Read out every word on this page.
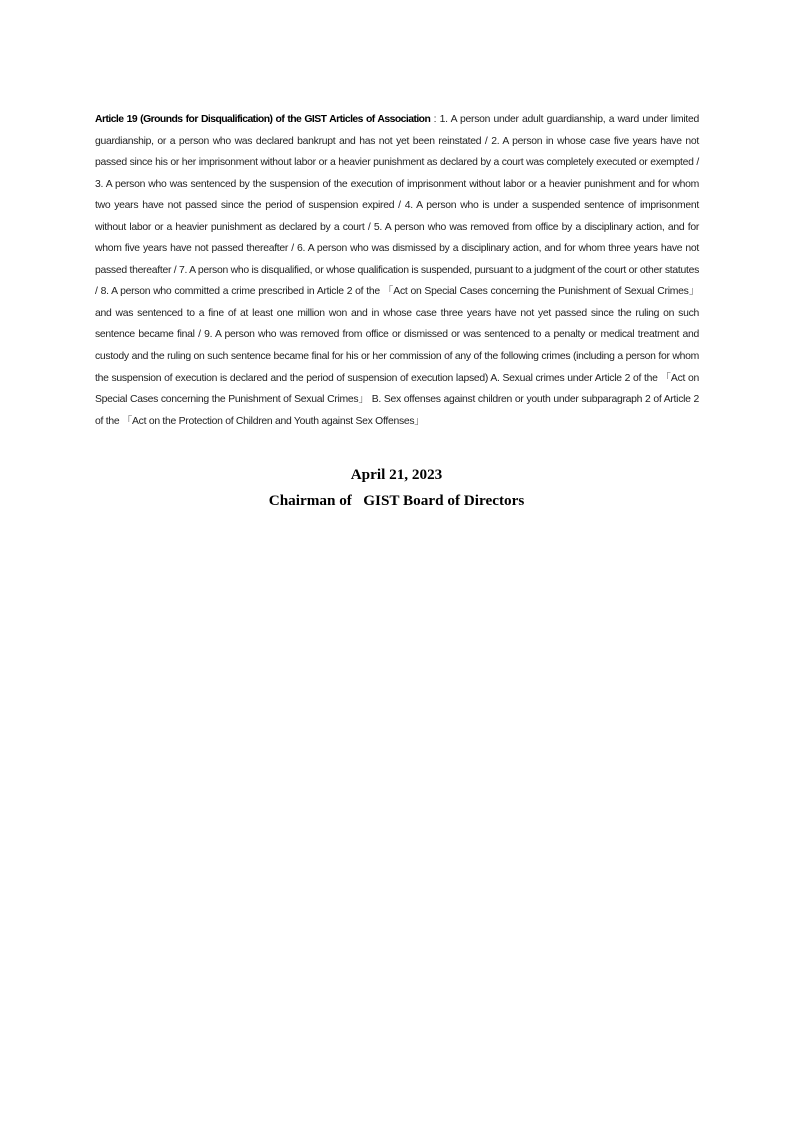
Article 19 (Grounds for Disqualification) of the GIST Articles of Association : 1. A person under adult guardianship, a ward under limited guardianship, or a person who was declared bankrupt and has not yet been reinstated / 2. A person in whose case five years have not passed since his or her imprisonment without labor or a heavier punishment as declared by a court was completely executed or exempted / 3. A person who was sentenced by the suspension of the execution of imprisonment without labor or a heavier punishment and for whom two years have not passed since the period of suspension expired / 4. A person who is under a suspended sentence of imprisonment without labor or a heavier punishment as declared by a court / 5. A person who was removed from office by a disciplinary action, and for whom five years have not passed thereafter / 6. A person who was dismissed by a disciplinary action, and for whom three years have not passed thereafter / 7. A person who is disqualified, or whose qualification is suspended, pursuant to a judgment of the court or other statutes / 8. A person who committed a crime prescribed in Article 2 of the 「Act on Special Cases concerning the Punishment of Sexual Crimes」 and was sentenced to a fine of at least one million won and in whose case three years have not yet passed since the ruling on such sentence became final / 9. A person who was removed from office or dismissed or was sentenced to a penalty or medical treatment and custody and the ruling on such sentence became final for his or her commission of any of the following crimes (including a person for whom the suspension of execution is declared and the period of suspension of execution lapsed) A. Sexual crimes under Article 2 of the 「Act on Special Cases concerning the Punishment of Sexual Crimes」 B. Sex offenses against children or youth under subparagraph 2 of Article 2 of the 「Act on the Protection of Children and Youth against Sex Offenses」

April 21, 2023
Chairman of   GIST Board of Directors
